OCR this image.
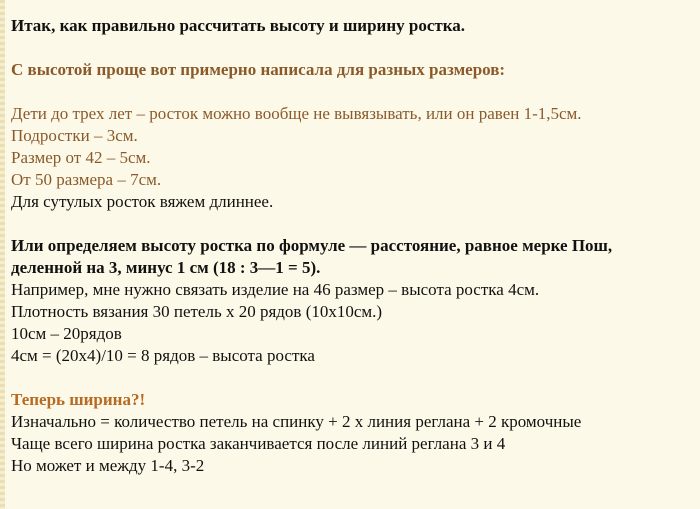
Итак, как правильно рассчитать высоту и ширину ростка.
С высотой проще вот примерно написала для разных размеров:
Дети до трех лет – росток можно вообще не вывязывать, или он равен 1-1,5см.
Подростки – 3см.
Размер от 42 – 5см.
От 50 размера – 7см.
Для сутулых росток вяжем длиннее.
Или определяем высоту ростка по формуле — расстояние, равное мерке Пош,
деленной на 3, минус 1 см (18 : 3—1 = 5).
Например, мне нужно связать изделие на 46 размер – высота ростка 4см.
Плотность вязания 30 петель х 20 рядов (10х10см.)
10см – 20рядов
4см = (20х4)/10 = 8 рядов – высота ростка
Теперь ширина?!
Изначально = количество петель на спинку + 2 х линия реглана + 2 кромочные
Чаще всего ширина ростка заканчивается после линий реглана 3 и 4
Но может и между 1-4, 3-2
